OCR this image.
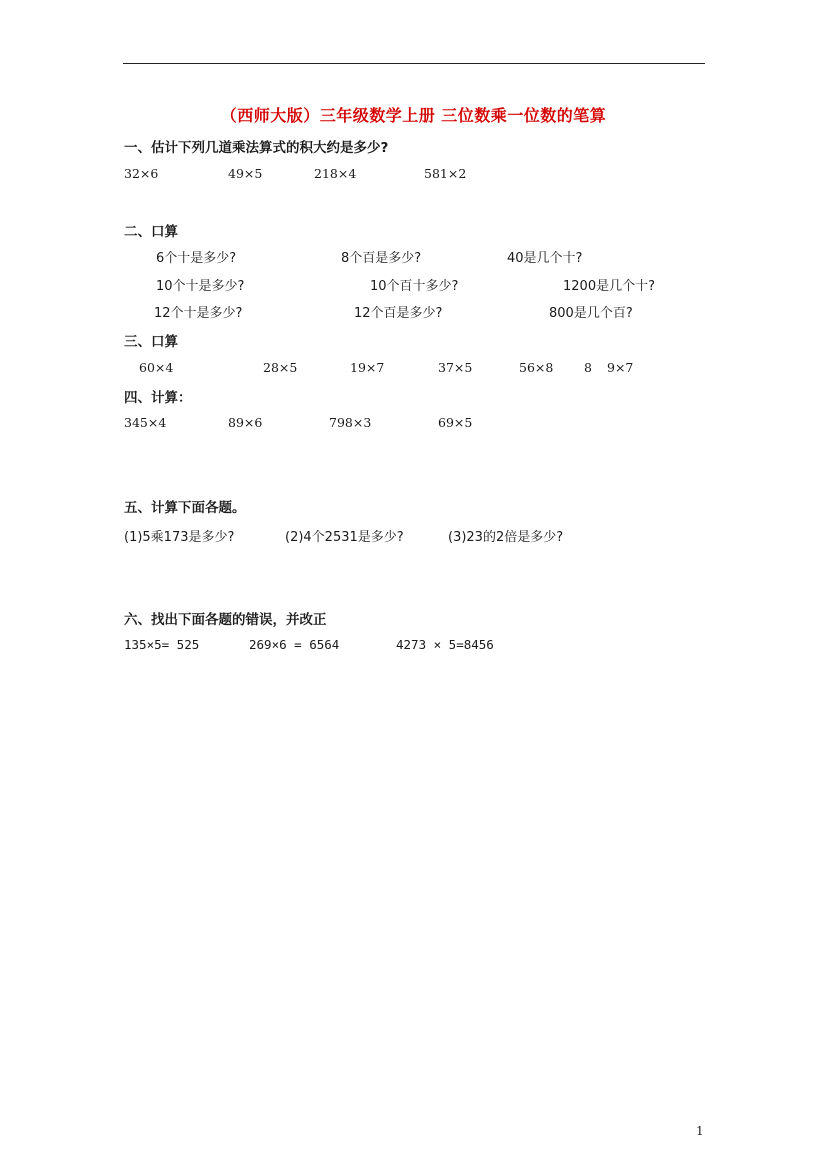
（西师大版）三年级数学上册 三位数乘一位数的笔算
一、估计下列几道乘法算式的积大约是多少?
32×6	49×5	218×4	581×2
二、口算
6个十是多少?	8个百是多少?	40是几个十?
10个十是多少?	10个百十多少?	1200是几个十?
12个十是多少?	12个百是多少?	800是几个百?
三、口算
60×4	28×5	19×7	37×5	56×8 8 9×7
四、计算：
345×4	89×6	798×3	69×5
五、计算下面各题。
(1)5乘173是多少?	(2)4个2531是多少?	(3)23的2倍是多少?
六、找出下面各题的错误，并改正
135×5= 525	269×6 = 6564	4273 × 5=8456
1
